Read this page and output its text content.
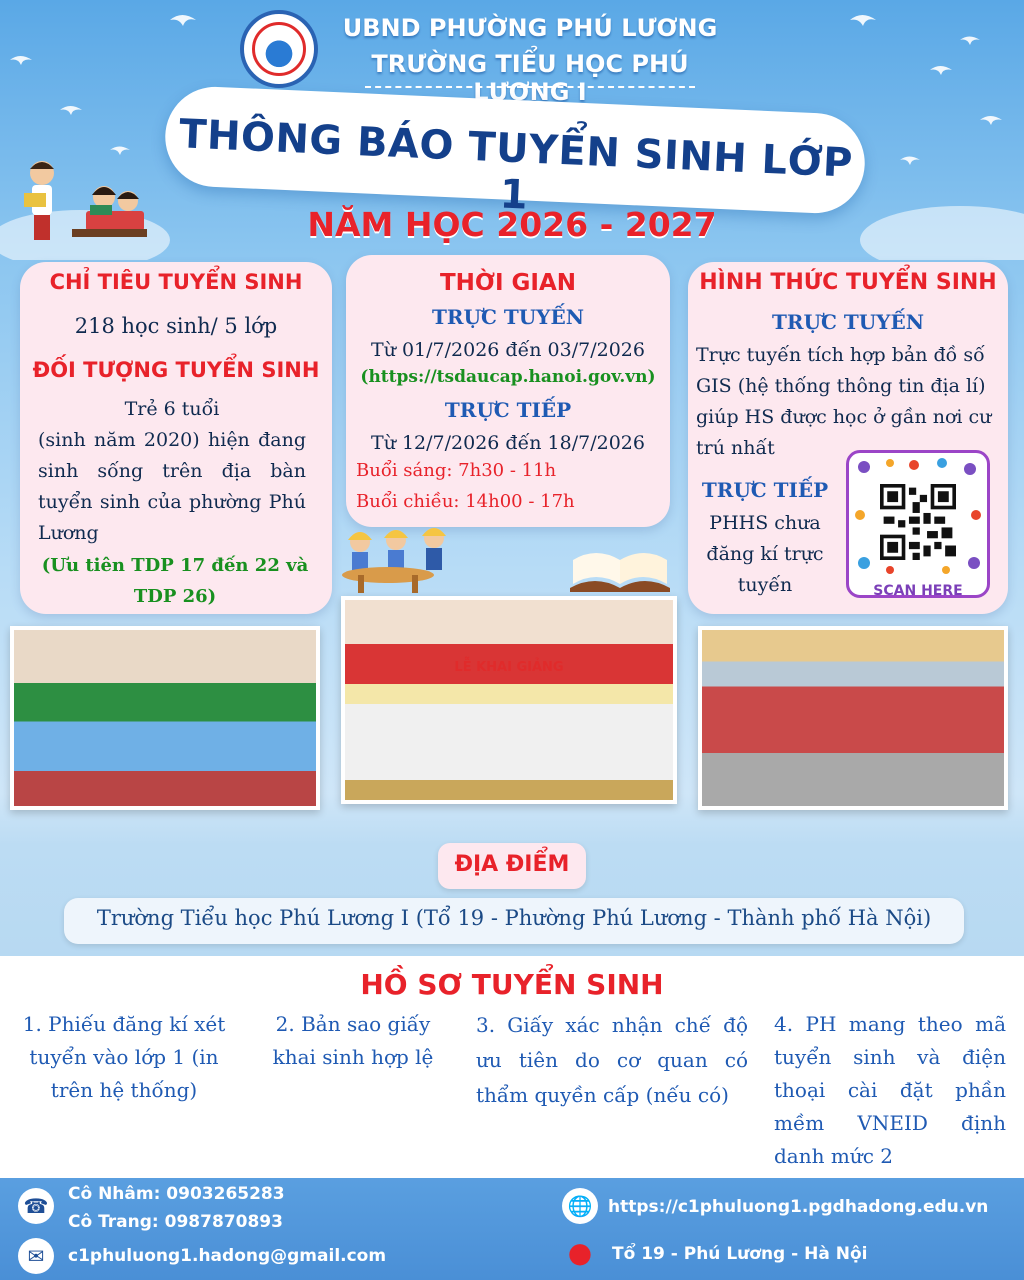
UBND PHƯỜNG PHÚ LƯƠNG
TRƯỜNG TIỂU HỌC PHÚ LƯƠNG I
THÔNG BÁO TUYỂN SINH LỚP 1
NĂM HỌC 2026 - 2027
CHỈ TIÊU TUYỂN SINH
218 học sinh/ 5 lớp
ĐỐI TƯỢNG TUYỂN SINH
Trẻ 6 tuổi
(sinh năm 2020) hiện đang sinh sống trên địa bàn tuyển sinh của phường Phú Lương
(Ưu tiên TDP 17 đến 22 và TDP 26)
THỜI GIAN
TRỰC TUYẾN
Từ 01/7/2026 đến 03/7/2026
(https://tsdaucap.hanoi.gov.vn)
TRỰC TIẾP
Từ 12/7/2026 đến 18/7/2026
Buổi sáng: 7h30 - 11h
Buổi chiều: 14h00 - 17h
HÌNH THỨC TUYỂN SINH
TRỰC TUYẾN
Trực tuyến tích hợp bản đồ số GIS (hệ thống thông tin địa lí) giúp HS được học ở gần nơi cư trú nhất
TRỰC TIẾP
PHHS chưa đăng kí trực tuyến	SCAN HERE
LỄ KHAI GIẢNG
ĐỊA ĐIỂM
Trường Tiểu học Phú Lương I (Tổ 19 - Phường Phú Lương - Thành phố Hà Nội)
HỒ SƠ TUYỂN SINH
1. Phiếu đăng kí xét tuyển vào lớp 1 (in trên hệ thống)
2. Bản sao giấy khai sinh hợp lệ
3. Giấy xác nhận chế độ ưu tiên do cơ quan có thẩm quyền cấp (nếu có)
4. PH mang theo mã tuyển sinh và điện thoại cài đặt phần mềm VNEID định danh mức 2
☎	Cô Nhâm: 0903265283
Cô Trang: 0987870893
✉	c1phuluong1.hadong@gmail.com
🌐 https://c1phuluong1.pgdhadong.edu.vn
●	Tổ 19 - Phú Lương - Hà Nội
